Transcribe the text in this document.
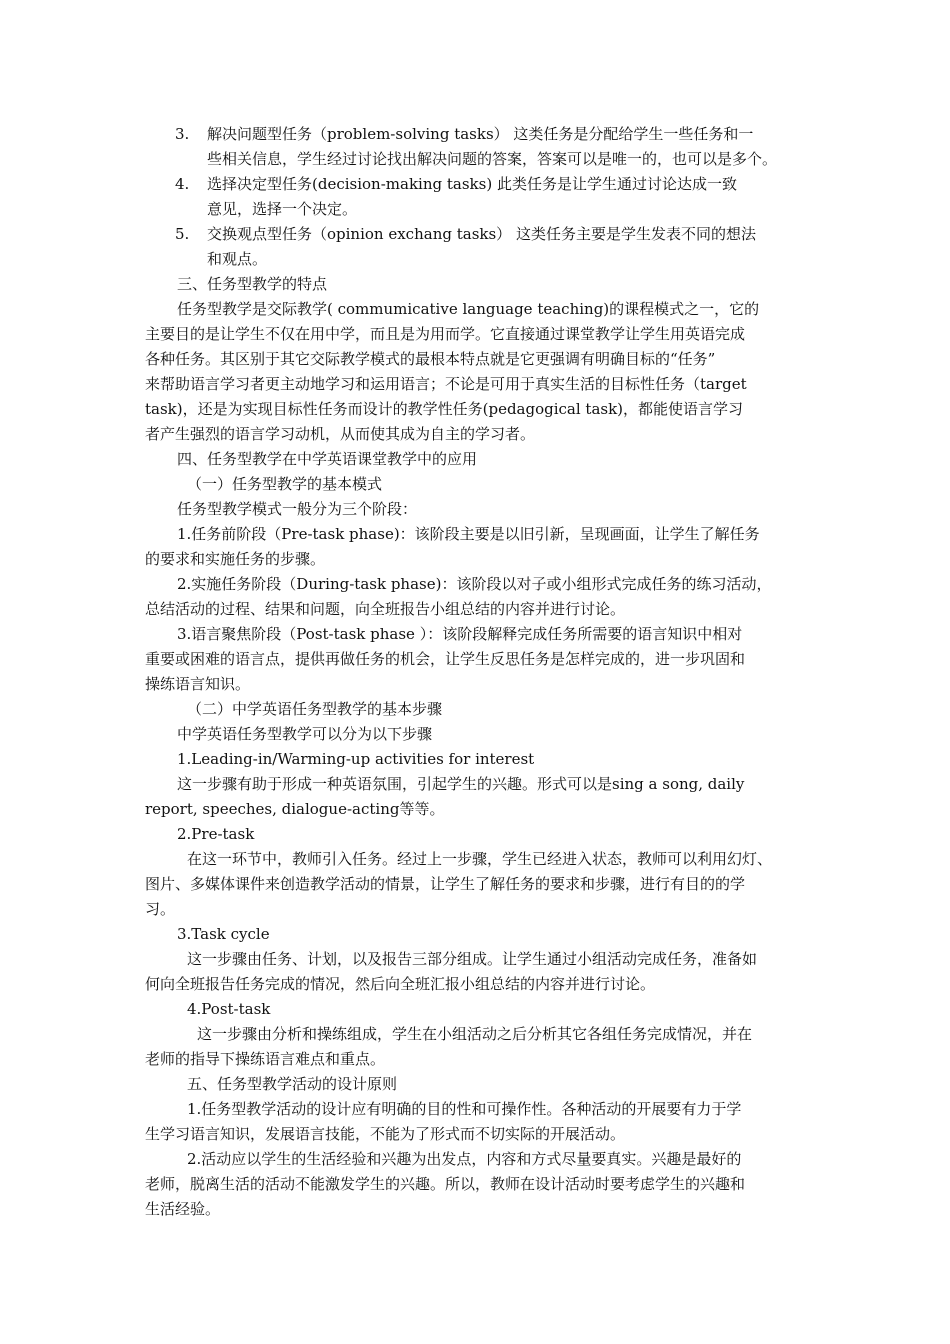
3. 解决问题型任务（problem-solving tasks） 这类任务是分配给学生一些任务和一
些相关信息，学生经过讨论找出解决问题的答案，答案可以是唯一的，也可以是多个。
4. 选择决定型任务(decision-making tasks) 此类任务是让学生通过讨论达成一致
意见，选择一个决定。
5. 交换观点型任务（opinion exchang tasks） 这类任务主要是学生发表不同的想法
和观点。
三、任务型教学的特点
任务型教学是交际教学( commumicative language teaching)的课程模式之一，它的
主要目的是让学生不仅在用中学，而且是为用而学。它直接通过课堂教学让学生用英语完成
各种任务。其区别于其它交际教学模式的最根本特点就是它更强调有明确目标的“任务”
来帮助语言学习者更主动地学习和运用语言；不论是可用于真实生活的目标性任务（target
task)，还是为实现目标性任务而设计的教学性任务(pedagogical task)，都能使语言学习
者产生强烈的语言学习动机，从而使其成为自主的学习者。
四、任务型教学在中学英语课堂教学中的应用
（一）任务型教学的基本模式
任务型教学模式一般分为三个阶段：
1.任务前阶段（Pre-task phase)：该阶段主要是以旧引新，呈现画面，让学生了解任务
的要求和实施任务的步骤。
2.实施任务阶段（During-task phase)：该阶段以对子或小组形式完成任务的练习活动，
总结活动的过程、结果和问题，向全班报告小组总结的内容并进行讨论。
3.语言聚焦阶段（Post-task phase ）：该阶段解释完成任务所需要的语言知识中相对
重要或困难的语言点，提供再做任务的机会，让学生反思任务是怎样完成的，进一步巩固和
操练语言知识。
（二）中学英语任务型教学的基本步骤
中学英语任务型教学可以分为以下步骤
1.Leading-in/Warming-up activities for interest
这一步骤有助于形成一种英语氛围，引起学生的兴趣。形式可以是sing a song, daily
report, speeches, dialogue-acting等等。
2.Pre-task
在这一环节中，教师引入任务。经过上一步骤，学生已经进入状态，教师可以利用幻灯、
图片、多媒体课件来创造教学活动的情景，让学生了解任务的要求和步骤，进行有目的的学
习。
3.Task cycle
这一步骤由任务、计划，以及报告三部分组成。让学生通过小组活动完成任务，准备如
何向全班报告任务完成的情况，然后向全班汇报小组总结的内容并进行讨论。
4.Post-task
这一步骤由分析和操练组成，学生在小组活动之后分析其它各组任务完成情况，并在
老师的指导下操练语言难点和重点。
五、任务型教学活动的设计原则
1.任务型教学活动的设计应有明确的目的性和可操作性。各种活动的开展要有力于学
生学习语言知识，发展语言技能，不能为了形式而不切实际的开展活动。
2.活动应以学生的生活经验和兴趣为出发点，内容和方式尽量要真实。兴趣是最好的
老师，脱离生活的活动不能激发学生的兴趣。所以，教师在设计活动时要考虑学生的兴趣和
生活经验。
